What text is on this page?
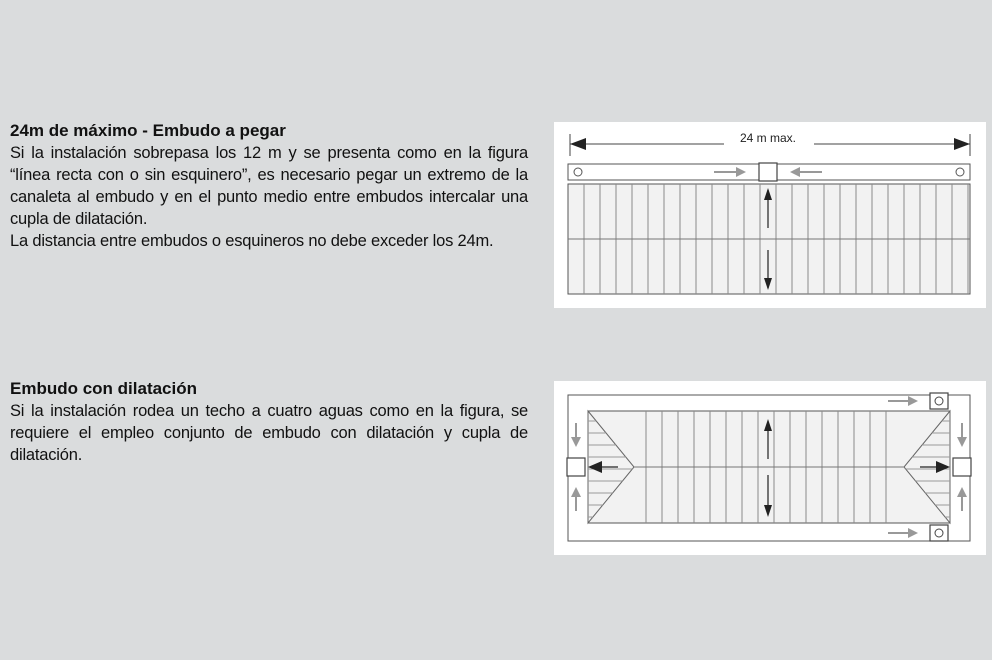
24m de máximo - Embudo a pegar

Si la instalación sobrepasa los 12 m y se presenta como en la figura “línea recta con o sin esquinero”, es necesario pegar un extremo de la canaleta al embudo y en el punto medio entre embudos intercalar una cupla de dilatación.

La distancia entre embudos o esquineros no debe exceder los 24m.

Embudo con dilatación

Si la instalación rodea un techo a cuatro aguas como en la figura, se requiere el empleo conjunto de embudo con dilatación y cupla de dilatación.

24 m max.
